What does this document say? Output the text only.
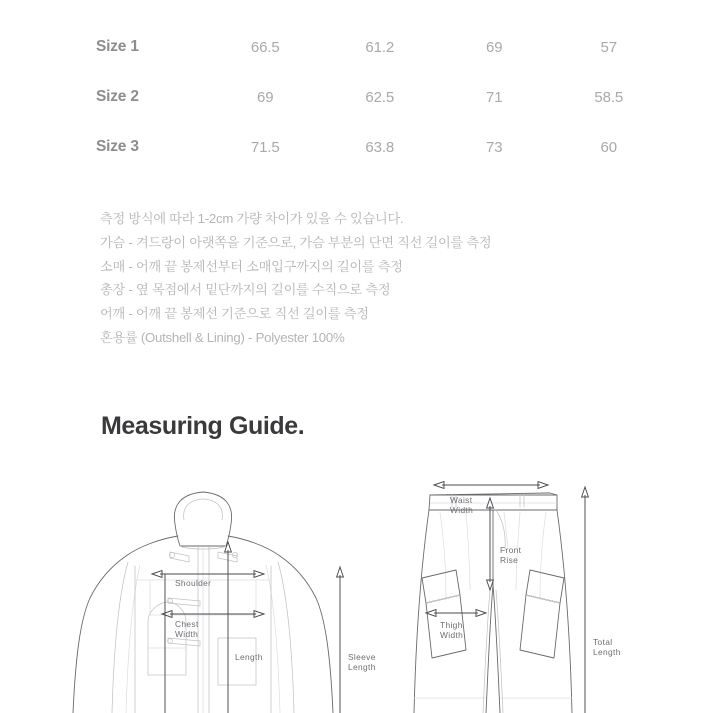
Size 1	66.5	61.2	69	57
Size 2	69	62.5	71	58.5
Size 3	71.5	63.8	73	60
측정 방식에 따라 1-2cm 가량 차이가 있을 수 있습니다.
가슴 - 겨드랑이 아랫쪽을 기준으로, 가슴 부분의 단면 직선 길이를 측정
소매 - 어깨 끝 봉제선부터 소매입구까지의 길이를 측정
총장 - 옆 목점에서 밑단까지의 길이를 수직으로 측정
어깨 - 어깨 끝 봉제선 기준으로 직선 길이를 측정
혼용률 (Outshell & Lining) - Polyester 100%
Measuring Guide.
Shoulder
Chest
Width
Length	Sleeve
Length
Waist
Width
Front
Rise
Thigh
Width
Total
Length
